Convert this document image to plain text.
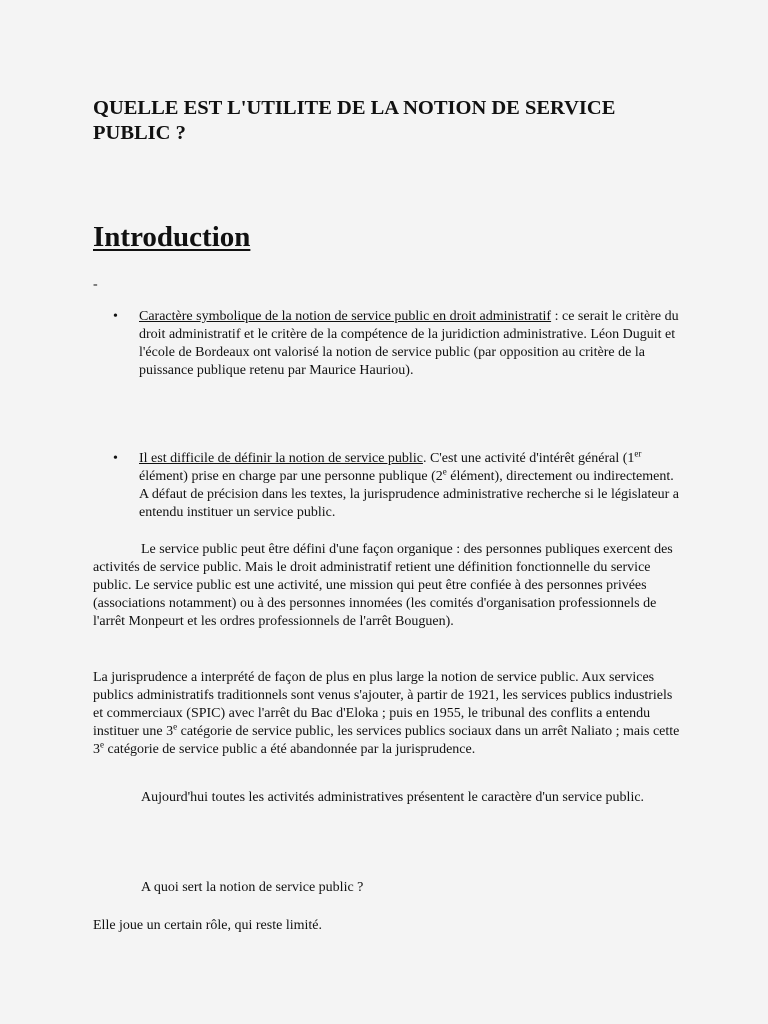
QUELLE EST L'UTILITE DE LA NOTION DE SERVICE PUBLIC ?
Introduction
-
• Caractère symbolique de la notion de service public en droit administratif : ce serait le critère du droit administratif et le critère de la compétence de la juridiction administrative. Léon Duguit et l'école de Bordeaux ont valorisé la notion de service public (par opposition au critère de la puissance publique retenu par Maurice Hauriou).
• Il est difficile de définir la notion de service public. C'est une activité d'intérêt général (1er élément) prise en charge par une personne publique (2e élément), directement ou indirectement. A défaut de précision dans les textes, la jurisprudence administrative recherche si le législateur a entendu instituer un service public.

Le service public peut être défini d'une façon organique : des personnes publiques exercent des activités de service public. Mais le droit administratif retient une définition fonctionnelle du service public. Le service public est une activité, une mission qui peut être confiée à des personnes privées (associations notamment) ou à des personnes innomées (les comités d'organisation professionnels de l'arrêt Monpeurt et les ordres professionnels de l'arrêt Bouguen).

La jurisprudence a interprété de façon de plus en plus large la notion de service public. Aux services publics administratifs traditionnels sont venus s'ajouter, à partir de 1921, les services publics industriels et commerciaux (SPIC) avec l'arrêt du Bac d'Eloka ; puis en 1955, le tribunal des conflits a entendu instituer une 3e catégorie de service public, les services publics sociaux dans un arrêt Naliato ; mais cette 3e catégorie de service public a été abandonnée par la jurisprudence.

Aujourd'hui toutes les activités administratives présentent le caractère d'un service public.

A quoi sert la notion de service public ?

Elle joue un certain rôle, qui reste limité.
